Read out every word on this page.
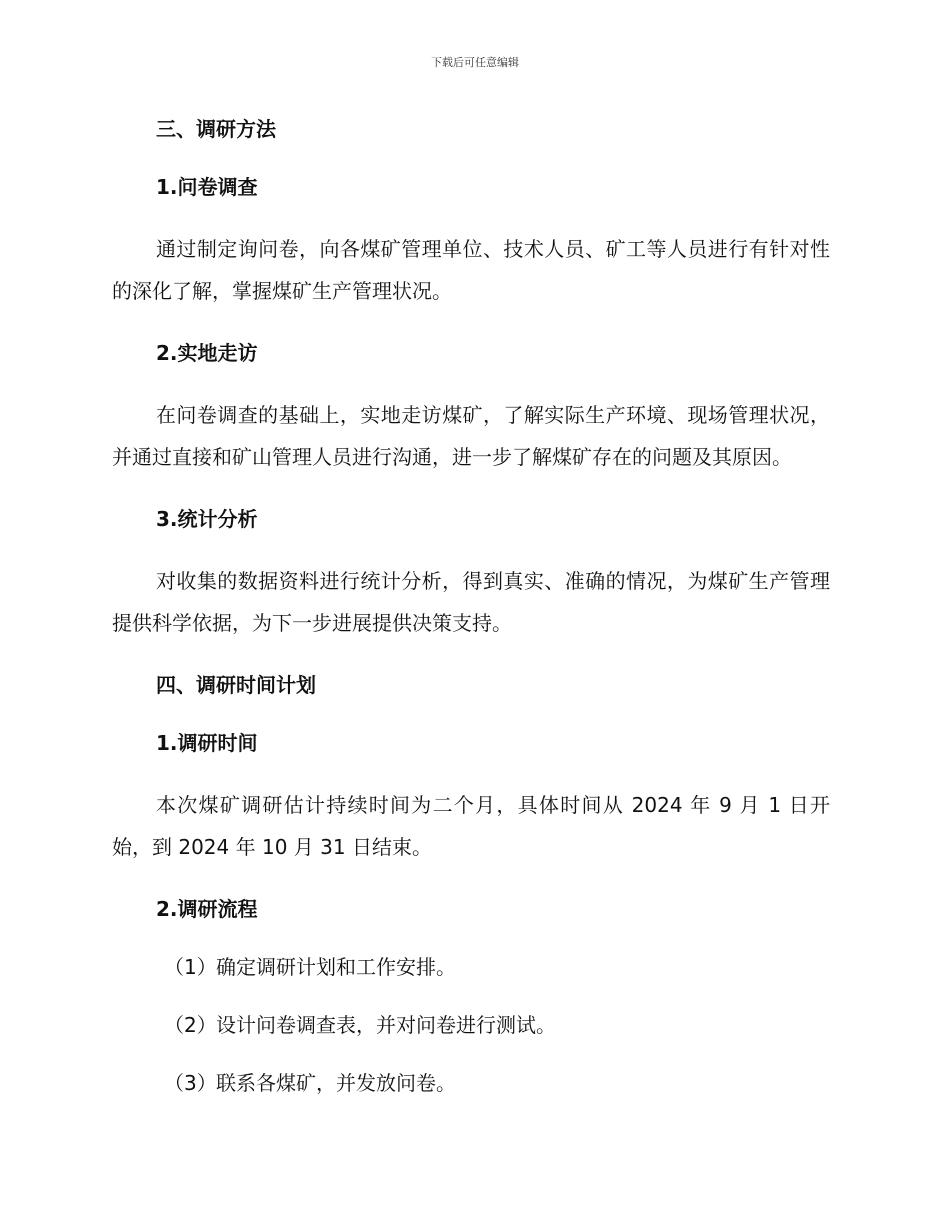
下载后可任意编辑
三、调研方法
1.问卷调查

通过制定询问卷，向各煤矿管理单位、技术人员、矿工等人员进行有针对性的深化了解，掌握煤矿生产管理状况。

2.实地走访

在问卷调查的基础上，实地走访煤矿，了解实际生产环境、现场管理状况，并通过直接和矿山管理人员进行沟通，进一步了解煤矿存在的问题及其原因。

3.统计分析

对收集的数据资料进行统计分析，得到真实、准确的情况，为煤矿生产管理提供科学依据，为下一步进展提供决策支持。

四、调研时间计划
1.调研时间

本次煤矿调研估计持续时间为二个月，具体时间从 2024 年 9 月 1 日开始，到 2024 年 10 月 31 日结束。

2.调研流程
（1）确定调研计划和工作安排。
（2）设计问卷调查表，并对问卷进行测试。
（3）联系各煤矿，并发放问卷。
